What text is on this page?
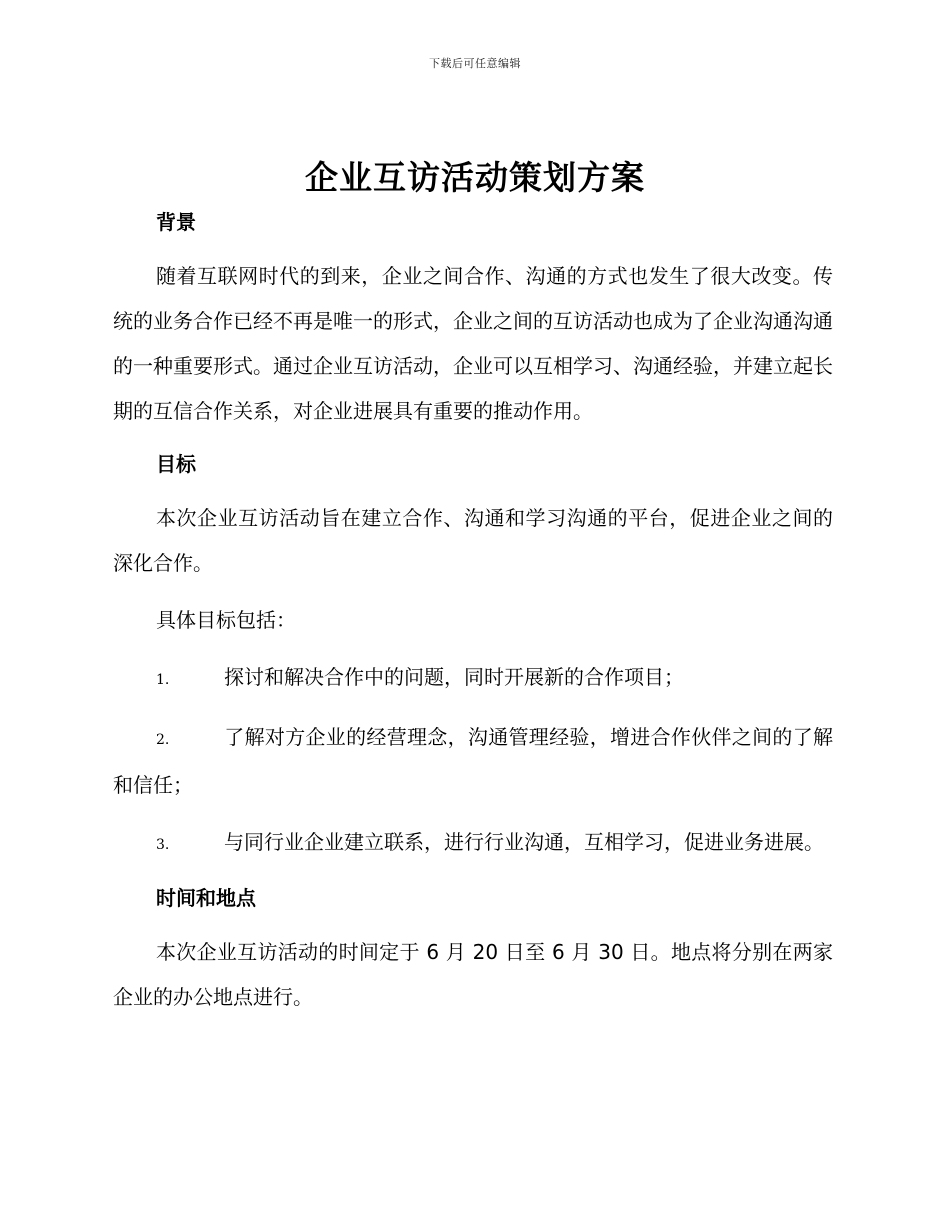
下载后可任意编辑
企业互访活动策划方案
背景

随着互联网时代的到来，企业之间合作、沟通的方式也发生了很大改变。传统的业务合作已经不再是唯一的形式，企业之间的互访活动也成为了企业沟通沟通的一种重要形式。通过企业互访活动，企业可以互相学习、沟通经验，并建立起长期的互信合作关系，对企业进展具有重要的推动作用。

目标

本次企业互访活动旨在建立合作、沟通和学习沟通的平台，促进企业之间的深化合作。

具体目标包括：

1.	探讨和解决合作中的问题，同时开展新的合作项目；

2.	了解对方企业的经营理念，沟通管理经验，增进合作伙伴之间的了解和信任；

3.	与同行业企业建立联系，进行行业沟通，互相学习，促进业务进展。

时间和地点

本次企业互访活动的时间定于 6 月 20 日至 6 月 30 日。地点将分别在两家企业的办公地点进行。
